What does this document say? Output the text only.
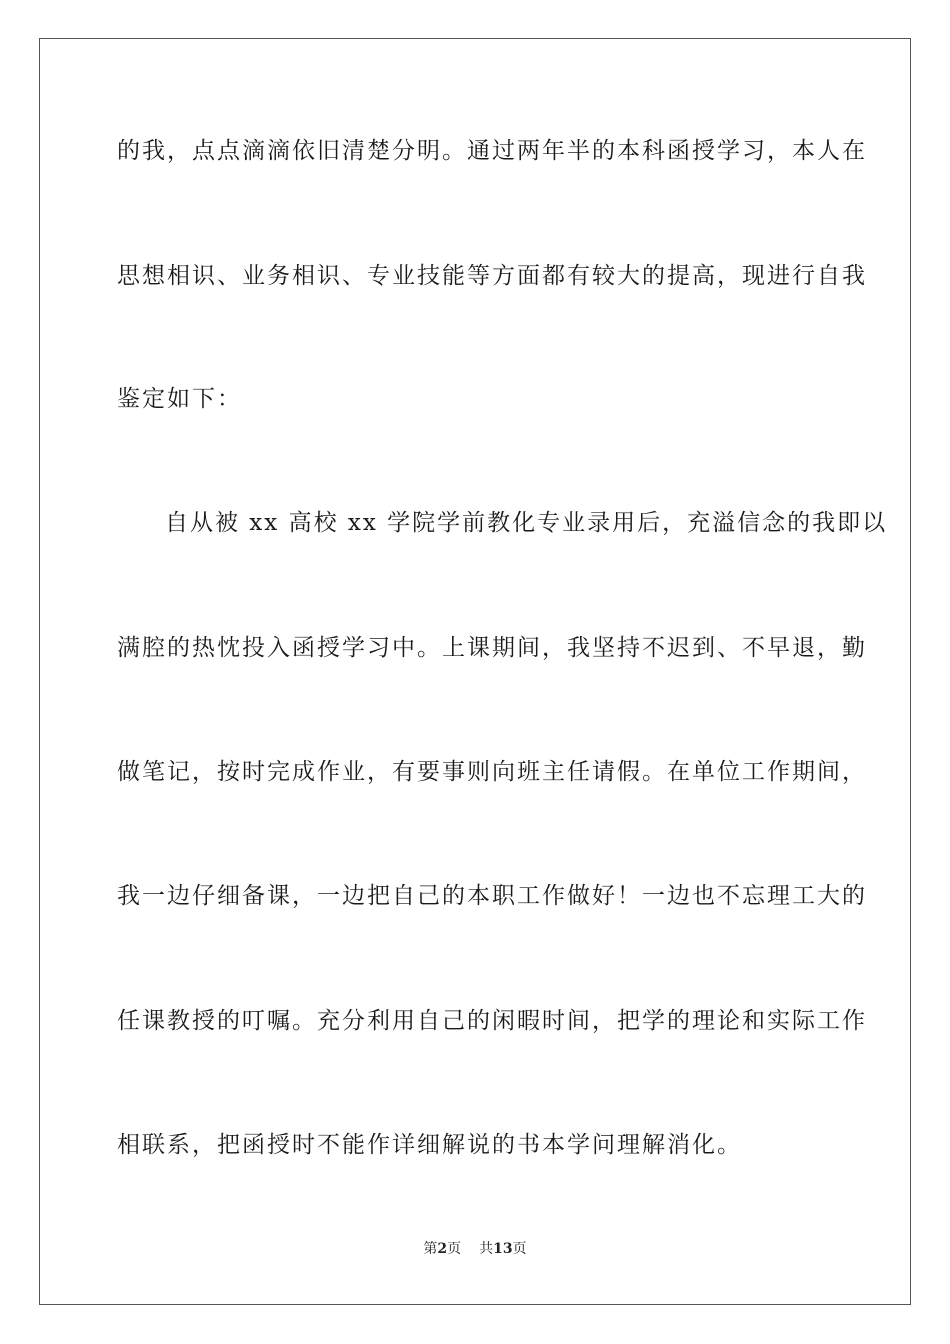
的我，点点滴滴依旧清楚分明。通过两年半的本科函授学习，本人在
思想相识、业务相识、专业技能等方面都有较大的提高，现进行自我
鉴定如下：
自从被 xx 高校 xx 学院学前教化专业录用后，充溢信念的我即以
满腔的热忱投入函授学习中。上课期间，我坚持不迟到、不早退，勤
做笔记，按时完成作业，有要事则向班主任请假。在单位工作期间，
我一边仔细备课，一边把自己的本职工作做好！一边也不忘理工大的
任课教授的叮嘱。充分利用自己的闲暇时间，把学的理论和实际工作
相联系，把函授时不能作详细解说的书本学问理解消化。
第2页 共13页
